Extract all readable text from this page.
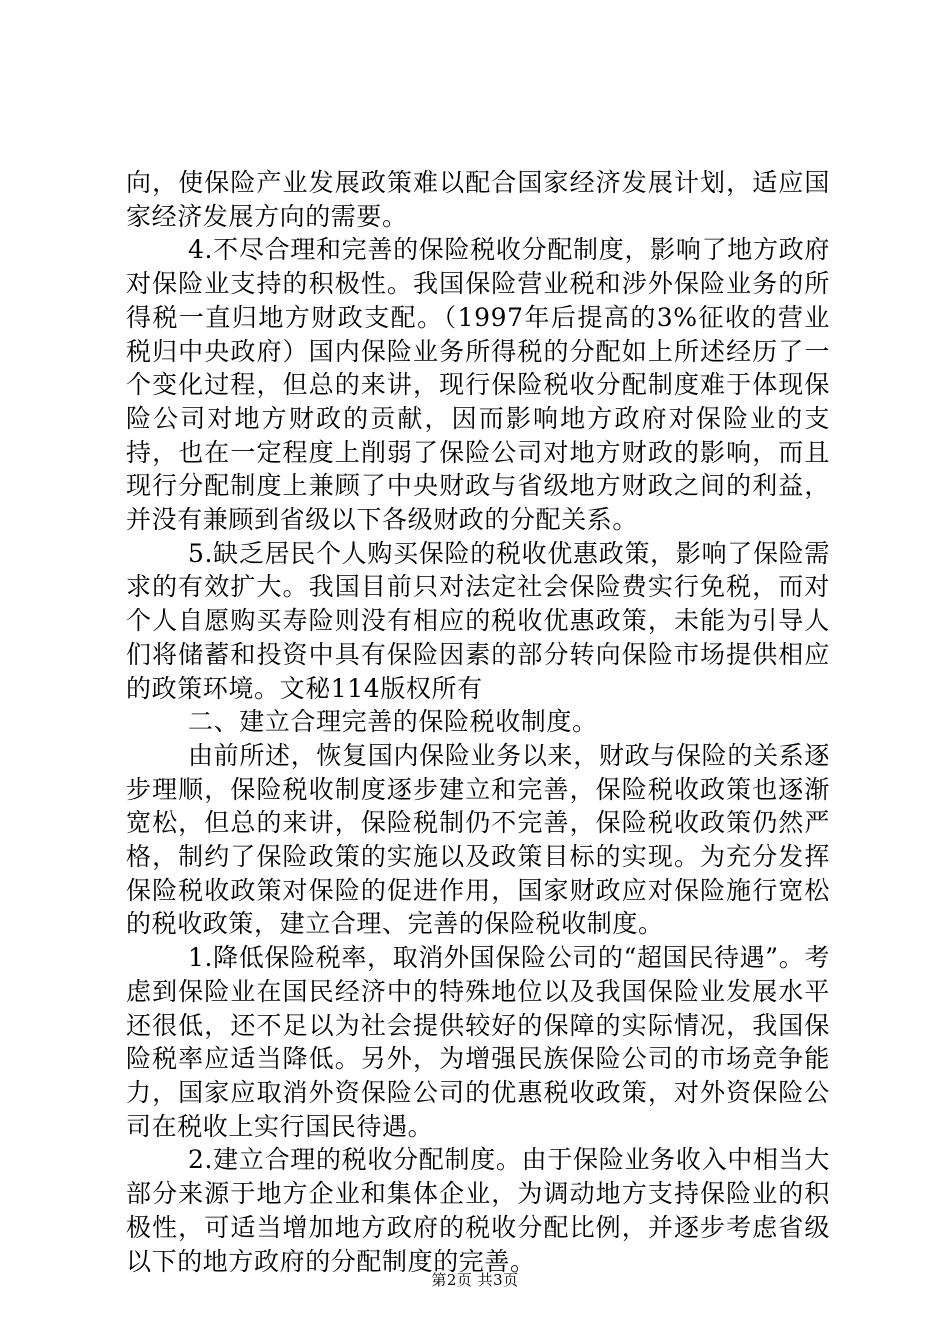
向，使保险产业发展政策难以配合国家经济发展计划，适应国家经济发展方向的需要。

4.不尽合理和完善的保险税收分配制度，影响了地方政府对保险业支持的积极性。我国保险营业税和涉外保险业务的所得税一直归地方财政支配。（1997年后提高的3%征收的营业税归中央政府）国内保险业务所得税的分配如上所述经历了一个变化过程，但总的来讲，现行保险税收分配制度难于体现保险公司对地方财政的贡献，因而影响地方政府对保险业的支持，也在一定程度上削弱了保险公司对地方财政的影响，而且现行分配制度上兼顾了中央财政与省级地方财政之间的利益，并没有兼顾到省级以下各级财政的分配关系。

5.缺乏居民个人购买保险的税收优惠政策，影响了保险需求的有效扩大。我国目前只对法定社会保险费实行免税，而对个人自愿购买寿险则没有相应的税收优惠政策，未能为引导人们将储蓄和投资中具有保险因素的部分转向保险市场提供相应的政策环境。文秘114版权所有

二、建立合理完善的保险税收制度。

由前所述，恢复国内保险业务以来，财政与保险的关系逐步理顺，保险税收制度逐步建立和完善，保险税收政策也逐渐宽松，但总的来讲，保险税制仍不完善，保险税收政策仍然严格，制约了保险政策的实施以及政策目标的实现。为充分发挥保险税收政策对保险的促进作用，国家财政应对保险施行宽松的税收政策，建立合理、完善的保险税收制度。

1.降低保险税率，取消外国保险公司的“超国民待遇”。考虑到保险业在国民经济中的特殊地位以及我国保险业发展水平还很低，还不足以为社会提供较好的保障的实际情况，我国保险税率应适当降低。另外，为增强民族保险公司的市场竞争能力，国家应取消外资保险公司的优惠税收政策，对外资保险公司在税收上实行国民待遇。

2.建立合理的税收分配制度。由于保险业务收入中相当大部分来源于地方企业和集体企业，为调动地方支持保险业的积极性，可适当增加地方政府的税收分配比例，并逐步考虑省级以下的地方政府的分配制度的完善。

第2页 共3页
